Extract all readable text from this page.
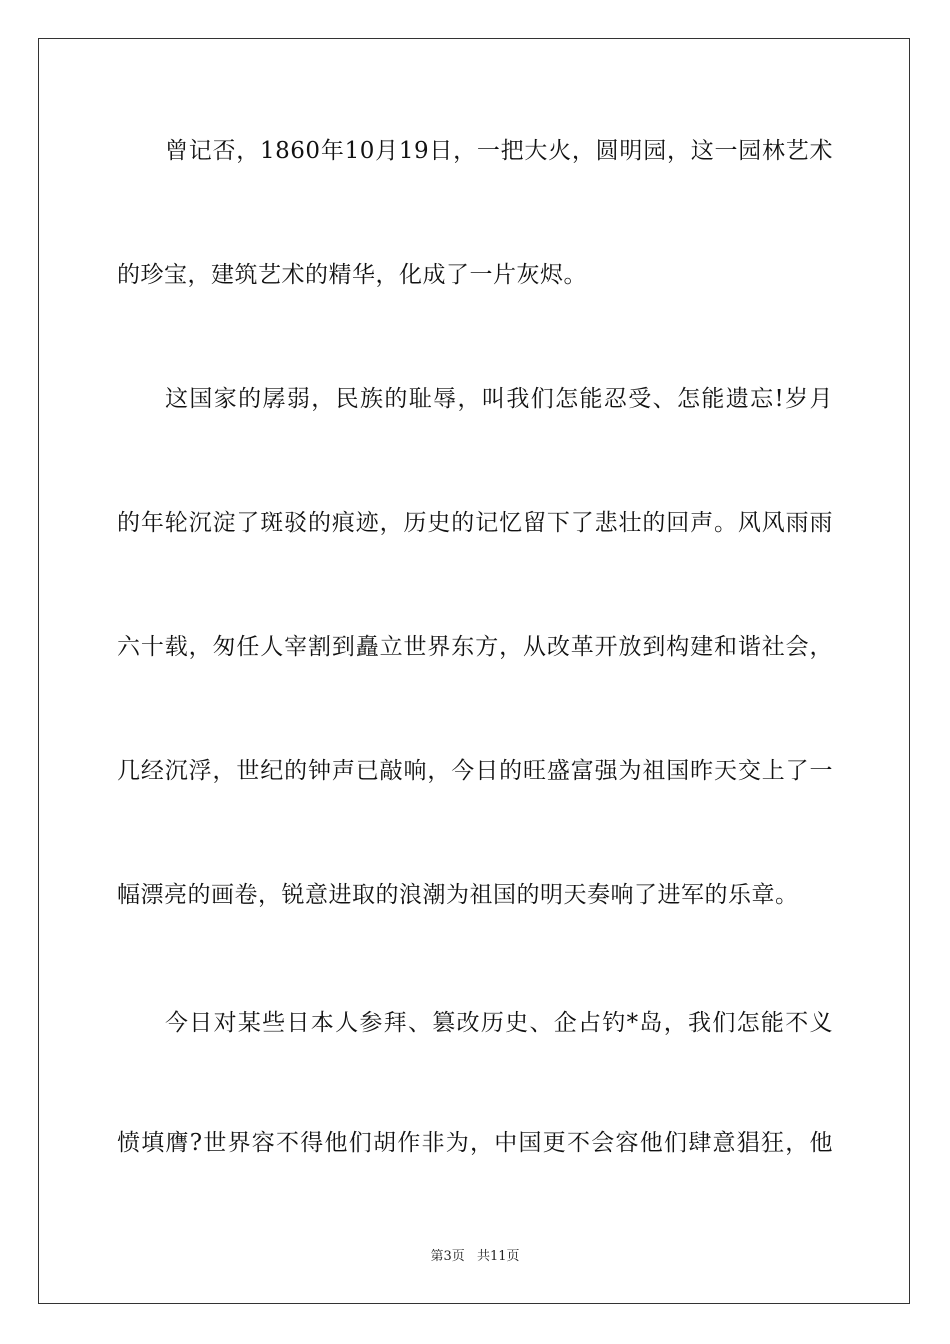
曾记否，1860年10月19日，一把大火，圆明园，这一园林艺术
的珍宝，建筑艺术的精华，化成了一片灰烬。
这国家的孱弱，民族的耻辱，叫我们怎能忍受、怎能遗忘!岁月
的年轮沉淀了斑驳的痕迹，历史的记忆留下了悲壮的回声。风风雨雨
六十载，匆任人宰割到矗立世界东方，从改革开放到构建和谐社会，
几经沉浮，世纪的钟声已敲响，今日的旺盛富强为祖国昨天交上了一
幅漂亮的画卷，锐意进取的浪潮为祖国的明天奏响了进军的乐章。
今日对某些日本人参拜、篡改历史、企占钓*岛，我们怎能不义
愤填膺?世界容不得他们胡作非为，中国更不会容他们肆意猖狂，他
第3页 共11页
